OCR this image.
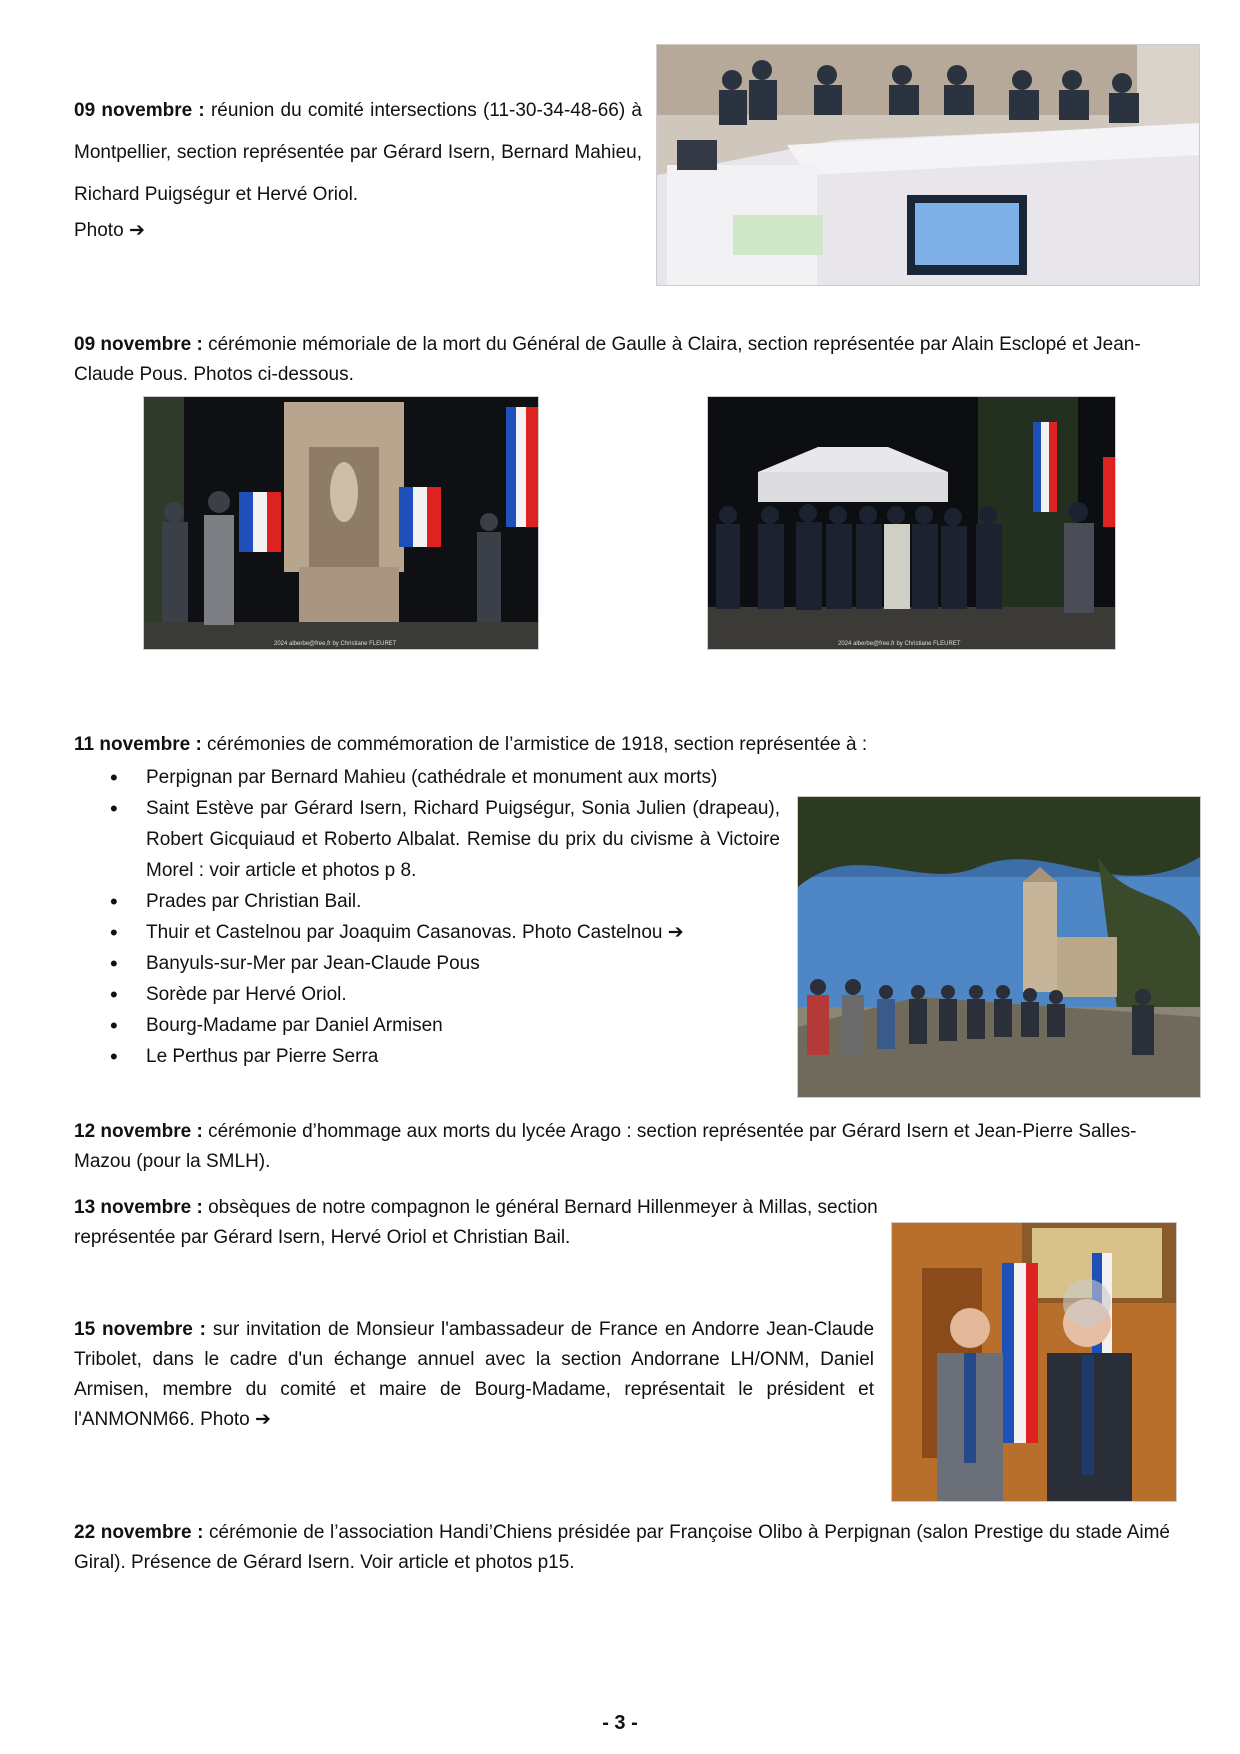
09 novembre : réunion du comité intersections (11-30-34-48-66) à Montpellier, section représentée par Gérard Isern, Bernard Mahieu, Richard Puigségur et Hervé Oriol.
Photo ➔
09 novembre : cérémonie mémoriale de la mort du Général de Gaulle à Claira, section représentée par Alain Esclopé et Jean-Claude Pous. Photos ci-dessous.
2024 alberbe@free.fr by Christiane FLEURET	2024 alberbe@free.fr by Christiane FLEURET
11 novembre : cérémonies de commémoration de l’armistice de 1918, section représentée à :
• Perpignan par Bernard Mahieu (cathédrale et monument aux morts)
• Saint Estève par Gérard Isern, Richard Puigségur, Sonia Julien (drapeau), Robert Gicquiaud et Roberto Albalat. Remise du prix du civisme à Victoire Morel : voir article et photos p 8.
• Prades par Christian Bail.
• Thuir et Castelnou par Joaquim Casanovas. Photo Castelnou ➔
• Banyuls-sur-Mer par Jean-Claude Pous
• Sorède par Hervé Oriol.
• Bourg-Madame par Daniel Armisen
• Le Perthus par Pierre Serra
12 novembre : cérémonie d’hommage aux morts du lycée Arago : section représentée par Gérard Isern et Jean-Pierre Salles-Mazou (pour la SMLH).
13 novembre : obsèques de notre compagnon le général Bernard Hillenmeyer à Millas, section représentée par Gérard Isern, Hervé Oriol et Christian Bail.
15 novembre : sur invitation de Monsieur l'ambassadeur de France en Andorre Jean-Claude Tribolet, dans le cadre d'un échange annuel avec la section Andorrane LH/ONM, Daniel Armisen, membre du comité et maire de Bourg-Madame, représentait le président et l'ANMONM66. Photo ➔
22 novembre : cérémonie de l’association Handi’Chiens présidée par Françoise Olibo à Perpignan (salon Prestige du stade Aimé Giral). Présence de Gérard Isern. Voir article et photos p15.
- 3 -
